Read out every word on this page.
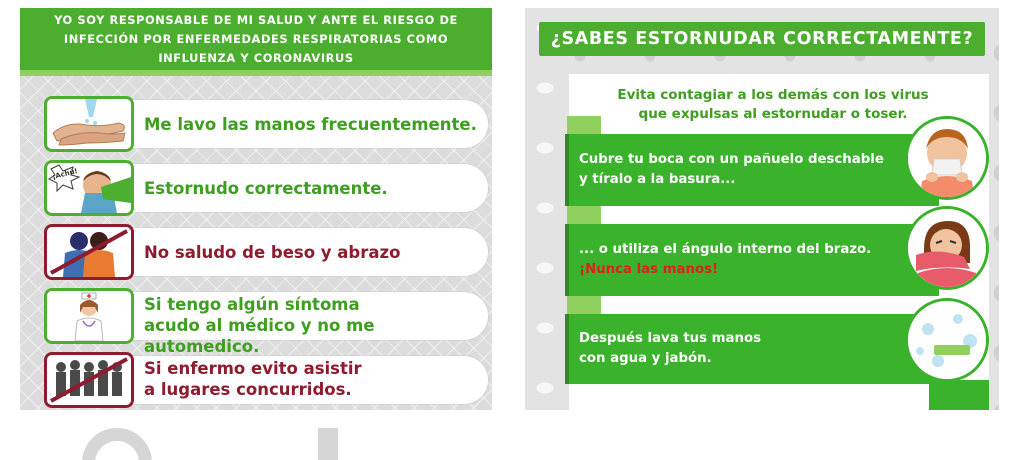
YO SOY RESPONSABLE DE MI SALUD Y ANTE EL RIESGO DE
INFECCIÓN POR ENFERMEDADES RESPIRATORIAS COMO
INFLUENZA Y CORONAVIRUS
Me lavo las manos frecuentemente.
¡Achú!
Estornudo correctamente.
No saludo de beso y abrazo
Si tengo algún síntoma
acudo al médico y no me automedico.
Si enfermo evito asistir
a lugares concurridos.
¿SABES ESTORNUDAR CORRECTAMENTE?
Evita contagiar a los demás con los virus
que expulsas al estornudar o toser.
Cubre tu boca con un pañuelo deschable
y tíralo a la basura...
... o utiliza el ángulo interno del brazo.
¡Nunca las manos!
Después lava tus manos
con agua y jabón.
